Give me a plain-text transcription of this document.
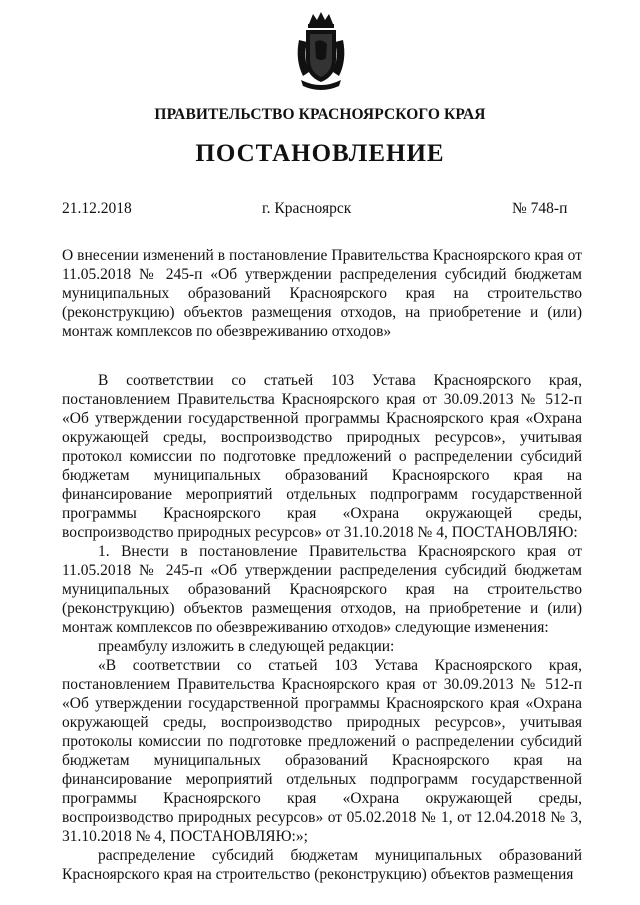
ПРАВИТЕЛЬСТВО КРАСНОЯРСКОГО КРАЯ
ПОСТАНОВЛЕНИЕ
21.12.2018	г. Красноярск	№ 748-п
О внесении изменений в постановление Правительства Красноярского края от 11.05.2018 № 245-п «Об утверждении распределения субсидий бюджетам муниципальных образований Красноярского края на строительство (реконструкцию) объектов размещения отходов, на приобретение и (или) монтаж комплексов по обезвреживанию отходов»

В соответствии со статьей 103 Устава Красноярского края, постановлением Правительства Красноярского края от 30.09.2013 № 512-п «Об утверждении государственной программы Красноярского края «Охрана окружающей среды, воспроизводство природных ресурсов», учитывая протокол комиссии по подготовке предложений о распределении субсидий бюджетам муниципальных образований Красноярского края на финансирование мероприятий отдельных подпрограмм государственной программы Красноярского края «Охрана окружающей среды, воспроизводство природных ресурсов» от 31.10.2018 № 4, ПОСТАНОВЛЯЮ:

1. Внести в постановление Правительства Красноярского края от 11.05.2018 № 245-п «Об утверждении распределения субсидий бюджетам муниципальных образований Красноярского края на строительство (реконструкцию) объектов размещения отходов, на приобретение и (или) монтаж комплексов по обезвреживанию отходов» следующие изменения:

преамбулу изложить в следующей редакции:

«В соответствии со статьей 103 Устава Красноярского края, постановлением Правительства Красноярского края от 30.09.2013 № 512-п «Об утверждении государственной программы Красноярского края «Охрана окружающей среды, воспроизводство природных ресурсов», учитывая протоколы комиссии по подготовке предложений о распределении субсидий бюджетам муниципальных образований Красноярского края на финансирование мероприятий отдельных подпрограмм государственной программы Красноярского края «Охрана окружающей среды, воспроизводство природных ресурсов» от 05.02.2018 № 1, от 12.04.2018 № 3, 31.10.2018 № 4, ПОСТАНОВЛЯЮ:»;

распределение субсидий бюджетам муниципальных образований Красноярского края на строительство (реконструкцию) объектов размещения
